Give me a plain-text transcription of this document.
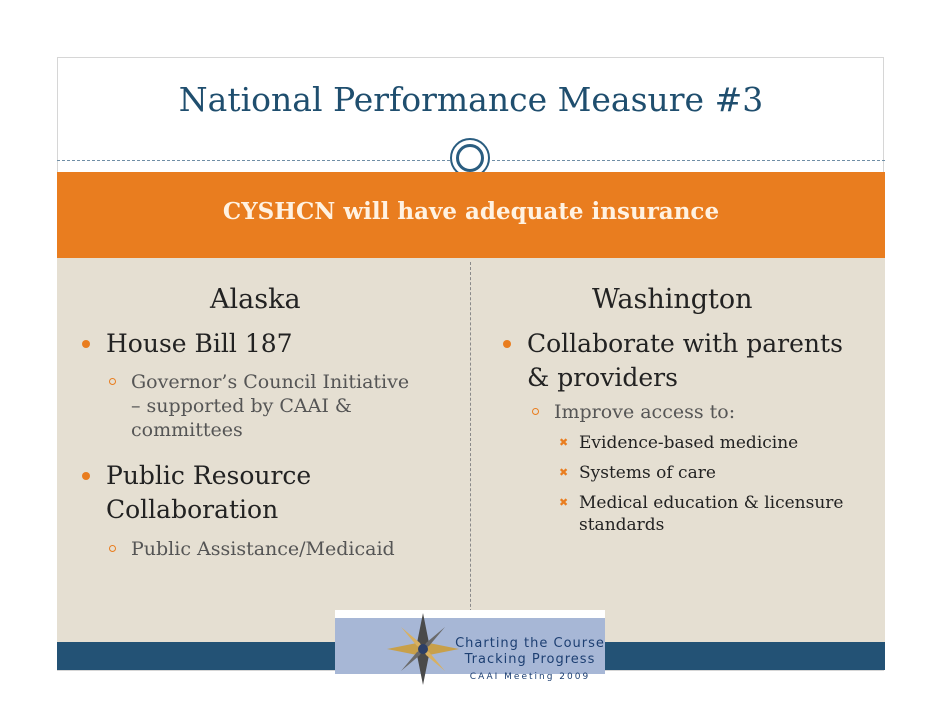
National Performance Measure #3
CYSHCN will have adequate insurance
Alaska
House Bill 187
Governor’s Council Initiative – supported by CAAI & committees
Public Resource Collaboration
Public Assistance/Medicaid
Washington
Collaborate with parents & providers
Improve access to:
✖ Evidence-based medicine
✖ Systems of care
✖ Medical education & licensure standards
Charting the Course
Tracking Progress
CAAI Meeting 2009
